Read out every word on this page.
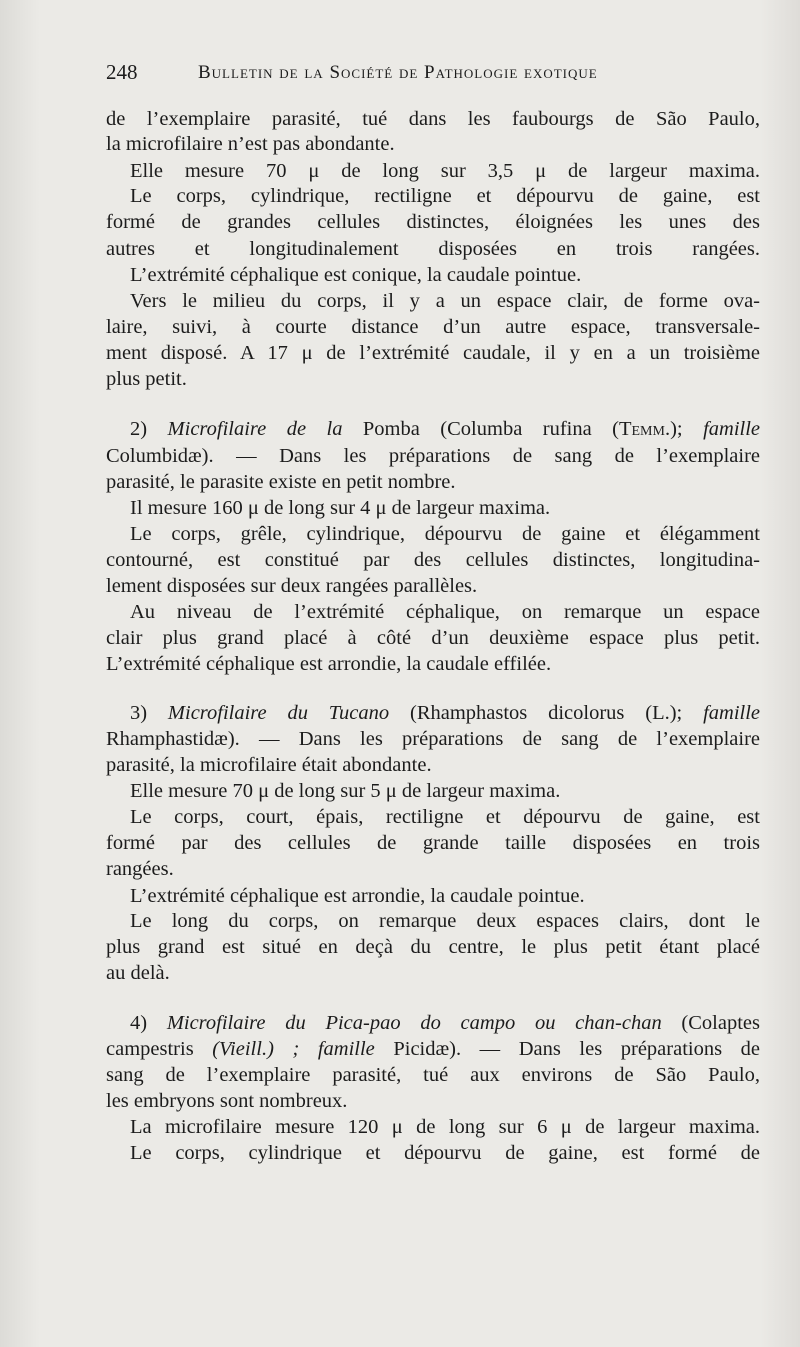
248	Bulletin de la Société de Pathologie exotique
de l’exemplaire parasité, tué dans les faubourgs de São Paulo,
la microfilaire n’est pas abondante.
Elle mesure 70 μ de long sur 3,5 μ de largeur maxima.
Le corps, cylindrique, rectiligne et dépourvu de gaine, est
formé de grandes cellules distinctes, éloignées les unes des
autres et longitudinalement disposées en trois rangées.
L’extrémité céphalique est conique, la caudale pointue.
Vers le milieu du corps, il y a un espace clair, de forme ova-
laire, suivi, à courte distance d’un autre espace, transversale-
ment disposé. A 17 μ de l’extrémité caudale, il y en a un troisième
plus petit.
2) Microfilaire de la Pomba (Columba rufina (Temm.); famille
Columbidæ). — Dans les préparations de sang de l’exemplaire
parasité, le parasite existe en petit nombre.
Il mesure 160 μ de long sur 4 μ de largeur maxima.
Le corps, grêle, cylindrique, dépourvu de gaine et élégamment
contourné, est constitué par des cellules distinctes, longitudina-
lement disposées sur deux rangées parallèles.
Au niveau de l’extrémité céphalique, on remarque un espace
clair plus grand placé à côté d’un deuxième espace plus petit.
L’extrémité céphalique est arrondie, la caudale effilée.
3) Microfilaire du Tucano (Rhamphastos dicolorus (L.); famille
Rhamphastidæ). — Dans les préparations de sang de l’exemplaire
parasité, la microfilaire était abondante.
Elle mesure 70 μ de long sur 5 μ de largeur maxima.
Le corps, court, épais, rectiligne et dépourvu de gaine, est
formé par des cellules de grande taille disposées en trois
rangées.
L’extrémité céphalique est arrondie, la caudale pointue.
Le long du corps, on remarque deux espaces clairs, dont le
plus grand est situé en deçà du centre, le plus petit étant placé
au delà.
4) Microfilaire du Pica-pao do campo ou chan-chan (Colaptes
campestris (Vieill.) ; famille Picidæ). — Dans les préparations de
sang de l’exemplaire parasité, tué aux environs de São Paulo,
les embryons sont nombreux.
La microfilaire mesure 120 μ de long sur 6 μ de largeur maxima.
Le corps, cylindrique et dépourvu de gaine, est formé de
